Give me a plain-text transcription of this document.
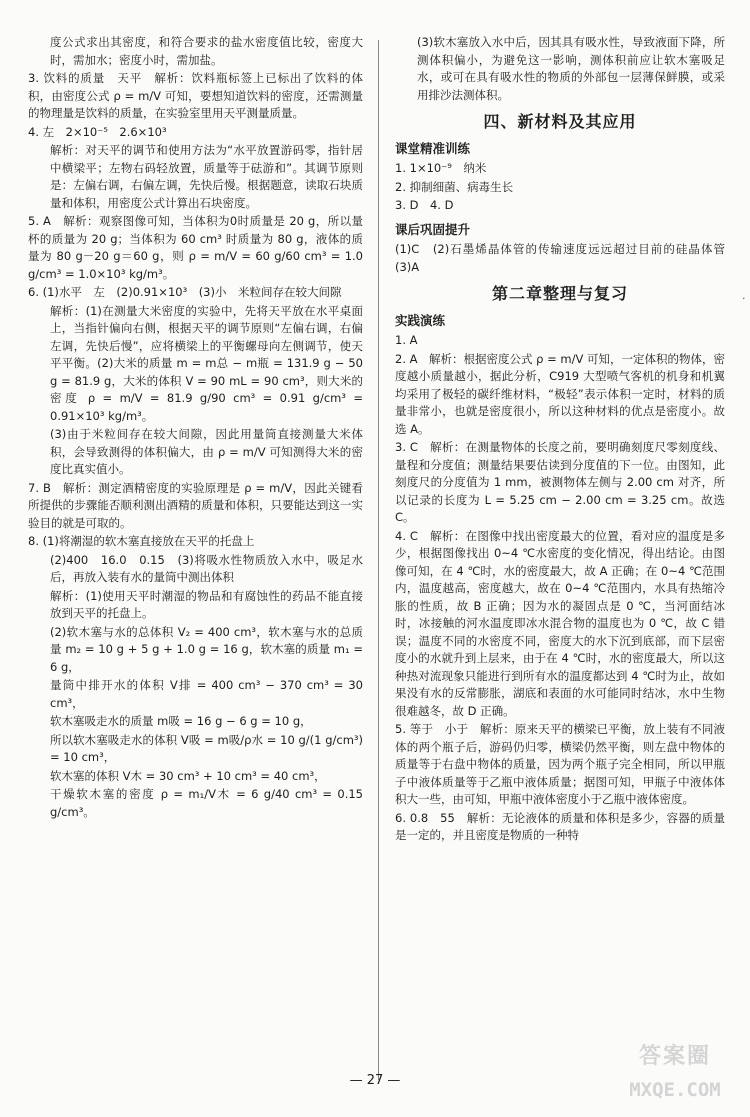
度公式求出其密度，和符合要求的盐水密度值比较，密度大时，需加水；密度小时，需加盐。

3. 饮料的质量　天平　解析：饮料瓶标签上已标出了饮料的体积，由密度公式 ρ = m/V 可知，要想知道饮料的密度，还需测量的物理量是饮料的质量，在实验室里用天平测量质量。

4. 左　2×10⁻⁵　2.6×10³

解析：对天平的调节和使用方法为“水平放置游码零，指针居中横梁平；左物右码轻放置，质量等于砝游和”。其调节原则是：左偏右调，右偏左调，先快后慢。根据题意，读取石块质量和体积，用密度公式计算出石块密度。

5. A　解析：观察图像可知，当体积为0时质量是 20 g，所以量杯的质量为 20 g；当体积为 60 cm³ 时质量为 80 g，液体的质量为 80 g－20 g＝60 g，则 ρ = m/V = 60 g/60 cm³ = 1.0 g/cm³ = 1.0×10³ kg/m³。

6. (1)水平　左　(2)0.91×10³　(3)小　米粒间存在较大间隙

解析：(1)在测量大米密度的实验中，先将天平放在水平桌面上，当指针偏向右侧，根据天平的调节原则“左偏右调，右偏左调，先快后慢”，应将横梁上的平衡螺母向左侧调节，使天平平衡。(2)大米的质量 m = m总 − m瓶 = 131.9 g − 50 g = 81.9 g，大米的体积 V = 90 mL = 90 cm³，则大米的密度 ρ = m/V = 81.9 g/90 cm³ = 0.91 g/cm³ = 0.91×10³ kg/m³。

(3)由于米粒间存在较大间隙，因此用量筒直接测量大米体积，会导致测得的体积偏大，由 ρ = m/V 可知测得大米的密度比真实值小。

7. B　解析：测定酒精密度的实验原理是 ρ = m/V，因此关键看所提供的步骤能否顺利测出酒精的质量和体积，只要能达到这一实验目的就是可取的。

8. (1)将潮湿的软木塞直接放在天平的托盘上

(2)400　16.0　0.15　(3)将吸水性物质放入水中，吸足水后，再放入装有水的量筒中测出体积

解析：(1)使用天平时潮湿的物品和有腐蚀性的药品不能直接放到天平的托盘上。

(2)软木塞与水的总体积 V₂ = 400 cm³，软木塞与水的总质量 m₂ = 10 g + 5 g + 1.0 g = 16 g，软木塞的质量 m₁ = 6 g，

量筒中排开水的体积 V排 = 400 cm³ − 370 cm³ = 30 cm³，

软木塞吸走水的质量 m吸 = 16 g − 6 g = 10 g，

所以软木塞吸走水的体积 V吸 = m吸/ρ水 = 10 g/(1 g/cm³) = 10 cm³，

软木塞的体积 V木 = 30 cm³ + 10 cm³ = 40 cm³，

干燥软木塞的密度 ρ = m₁/V木 = 6 g/40 cm³ = 0.15 g/cm³。

(3)软木塞放入水中后，因其具有吸水性，导致液面下降，所测体积偏小，为避免这一影响，测体积前应让软木塞吸足水，或可在具有吸水性的物质的外部包一层薄保鲜膜，或采用排沙法测体积。

四、新材料及其应用
课堂精准训练

1. 1×10⁻⁹　纳米

2. 抑制细菌、病毒生长

3. D　4. D

课后巩固提升

(1)C　(2)石墨烯晶体管的传输速度远远超过目前的硅晶体管　(3)A

第二章整理与复习
实践演练

1. A

2. A　解析：根据密度公式 ρ = m/V 可知，一定体积的物体，密度越小质量越小，据此分析，C919 大型喷气客机的机身和机翼均采用了极轻的碳纤维材料，“极轻”表示体积一定时，材料的质量非常小，也就是密度很小，所以这种材料的优点是密度小。故选 A。

3. C　解析：在测量物体的长度之前，要明确刻度尺零刻度线、量程和分度值；测量结果要估读到分度值的下一位。由图知，此刻度尺的分度值为 1 mm，被测物体左侧与 2.00 cm 对齐，所以记录的长度为 L = 5.25 cm − 2.00 cm = 3.25 cm。故选 C。

4. C　解析：在图像中找出密度最大的位置，看对应的温度是多少，根据图像找出 0~4 ℃水密度的变化情况，得出结论。由图像可知，在 4 ℃时，水的密度最大，故 A 正确；在 0~4 ℃范围内，温度越高，密度越大，故在 0~4 ℃范围内，水具有热缩冷胀的性质，故 B 正确；因为水的凝固点是 0 ℃，当河面结冰时，冰接触的河水温度即冰水混合物的温度也为 0 ℃，故 C 错误；温度不同的水密度不同，密度大的水下沉到底部，而下层密度小的水就升到上层来，由于在 4 ℃时，水的密度最大，所以这种热对流现象只能进行到所有水的温度都达到 4 ℃时为止，故如果没有水的反常膨胀，湖底和表面的水可能同时结冰，水中生物很难越冬，故 D 正确。

5. 等于　小于　解析：原来天平的横梁已平衡，放上装有不同液体的两个瓶子后，游码仍归零，横梁仍然平衡，则左盘中物体的质量等于右盘中物体的质量，因为两个瓶子完全相同，所以甲瓶子中液体质量等于乙瓶中液体质量；据图可知，甲瓶子中液体体积大一些，由可知，甲瓶中液体密度小于乙瓶中液体密度。

6. 0.8　55　解析：无论液体的质量和体积是多少，容器的质量是一定的，并且密度是物质的一种特

— 27 —
·
答案圈
MXQE.COM
